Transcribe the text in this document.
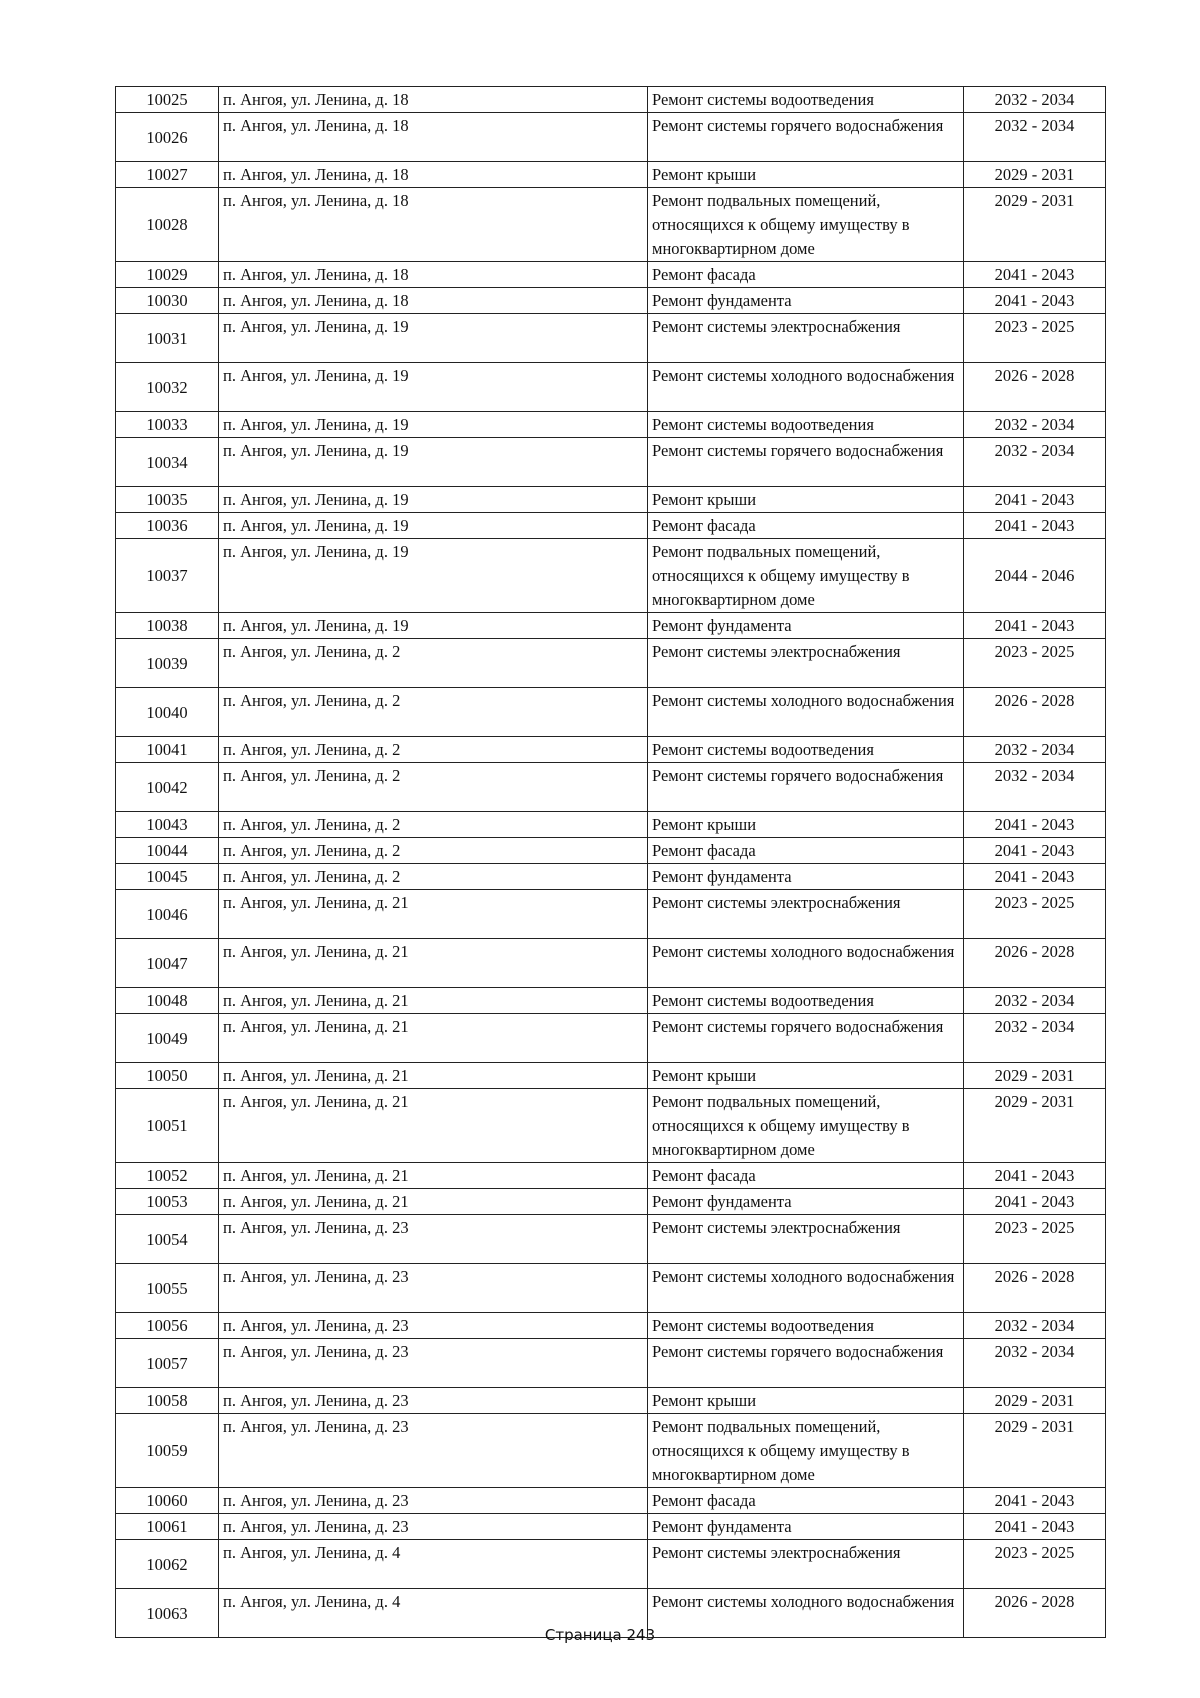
10025	п. Ангоя, ул. Ленина, д. 18	Ремонт системы водоотведения	2032 - 2034
10026	п. Ангоя, ул. Ленина, д. 18	Ремонт системы горячего водоснабжения	2032 - 2034
10027	п. Ангоя, ул. Ленина, д. 18	Ремонт крыши	2029 - 2031
10028	п. Ангоя, ул. Ленина, д. 18	Ремонт подвальных помещений, относящихся к общему имуществу в многоквартирном доме	2029 - 2031
10029	п. Ангоя, ул. Ленина, д. 18	Ремонт фасада	2041 - 2043
10030	п. Ангоя, ул. Ленина, д. 18	Ремонт фундамента	2041 - 2043
10031	п. Ангоя, ул. Ленина, д. 19	Ремонт системы электроснабжения	2023 - 2025
10032	п. Ангоя, ул. Ленина, д. 19	Ремонт системы холодного водоснабжения	2026 - 2028
10033	п. Ангоя, ул. Ленина, д. 19	Ремонт системы водоотведения	2032 - 2034
10034	п. Ангоя, ул. Ленина, д. 19	Ремонт системы горячего водоснабжения	2032 - 2034
10035	п. Ангоя, ул. Ленина, д. 19	Ремонт крыши	2041 - 2043
10036	п. Ангоя, ул. Ленина, д. 19	Ремонт фасада	2041 - 2043
10037	п. Ангоя, ул. Ленина, д. 19	Ремонт подвальных помещений, относящихся к общему имуществу в многоквартирном доме	2044 - 2046
10038	п. Ангоя, ул. Ленина, д. 19	Ремонт фундамента	2041 - 2043
10039	п. Ангоя, ул. Ленина, д. 2	Ремонт системы электроснабжения	2023 - 2025
10040	п. Ангоя, ул. Ленина, д. 2	Ремонт системы холодного водоснабжения	2026 - 2028
10041	п. Ангоя, ул. Ленина, д. 2	Ремонт системы водоотведения	2032 - 2034
10042	п. Ангоя, ул. Ленина, д. 2	Ремонт системы горячего водоснабжения	2032 - 2034
10043	п. Ангоя, ул. Ленина, д. 2	Ремонт крыши	2041 - 2043
10044	п. Ангоя, ул. Ленина, д. 2	Ремонт фасада	2041 - 2043
10045	п. Ангоя, ул. Ленина, д. 2	Ремонт фундамента	2041 - 2043
10046	п. Ангоя, ул. Ленина, д. 21	Ремонт системы электроснабжения	2023 - 2025
10047	п. Ангоя, ул. Ленина, д. 21	Ремонт системы холодного водоснабжения	2026 - 2028
10048	п. Ангоя, ул. Ленина, д. 21	Ремонт системы водоотведения	2032 - 2034
10049	п. Ангоя, ул. Ленина, д. 21	Ремонт системы горячего водоснабжения	2032 - 2034
10050	п. Ангоя, ул. Ленина, д. 21	Ремонт крыши	2029 - 2031
10051	п. Ангоя, ул. Ленина, д. 21	Ремонт подвальных помещений, относящихся к общему имуществу в многоквартирном доме	2029 - 2031
10052	п. Ангоя, ул. Ленина, д. 21	Ремонт фасада	2041 - 2043
10053	п. Ангоя, ул. Ленина, д. 21	Ремонт фундамента	2041 - 2043
10054	п. Ангоя, ул. Ленина, д. 23	Ремонт системы электроснабжения	2023 - 2025
10055	п. Ангоя, ул. Ленина, д. 23	Ремонт системы холодного водоснабжения	2026 - 2028
10056	п. Ангоя, ул. Ленина, д. 23	Ремонт системы водоотведения	2032 - 2034
10057	п. Ангоя, ул. Ленина, д. 23	Ремонт системы горячего водоснабжения	2032 - 2034
10058	п. Ангоя, ул. Ленина, д. 23	Ремонт крыши	2029 - 2031
10059	п. Ангоя, ул. Ленина, д. 23	Ремонт подвальных помещений, относящихся к общему имуществу в многоквартирном доме	2029 - 2031
10060	п. Ангоя, ул. Ленина, д. 23	Ремонт фасада	2041 - 2043
10061	п. Ангоя, ул. Ленина, д. 23	Ремонт фундамента	2041 - 2043
10062	п. Ангоя, ул. Ленина, д. 4	Ремонт системы электроснабжения	2023 - 2025
10063	п. Ангоя, ул. Ленина, д. 4	Ремонт системы холодного водоснабжения	2026 - 2028
Страница 243
